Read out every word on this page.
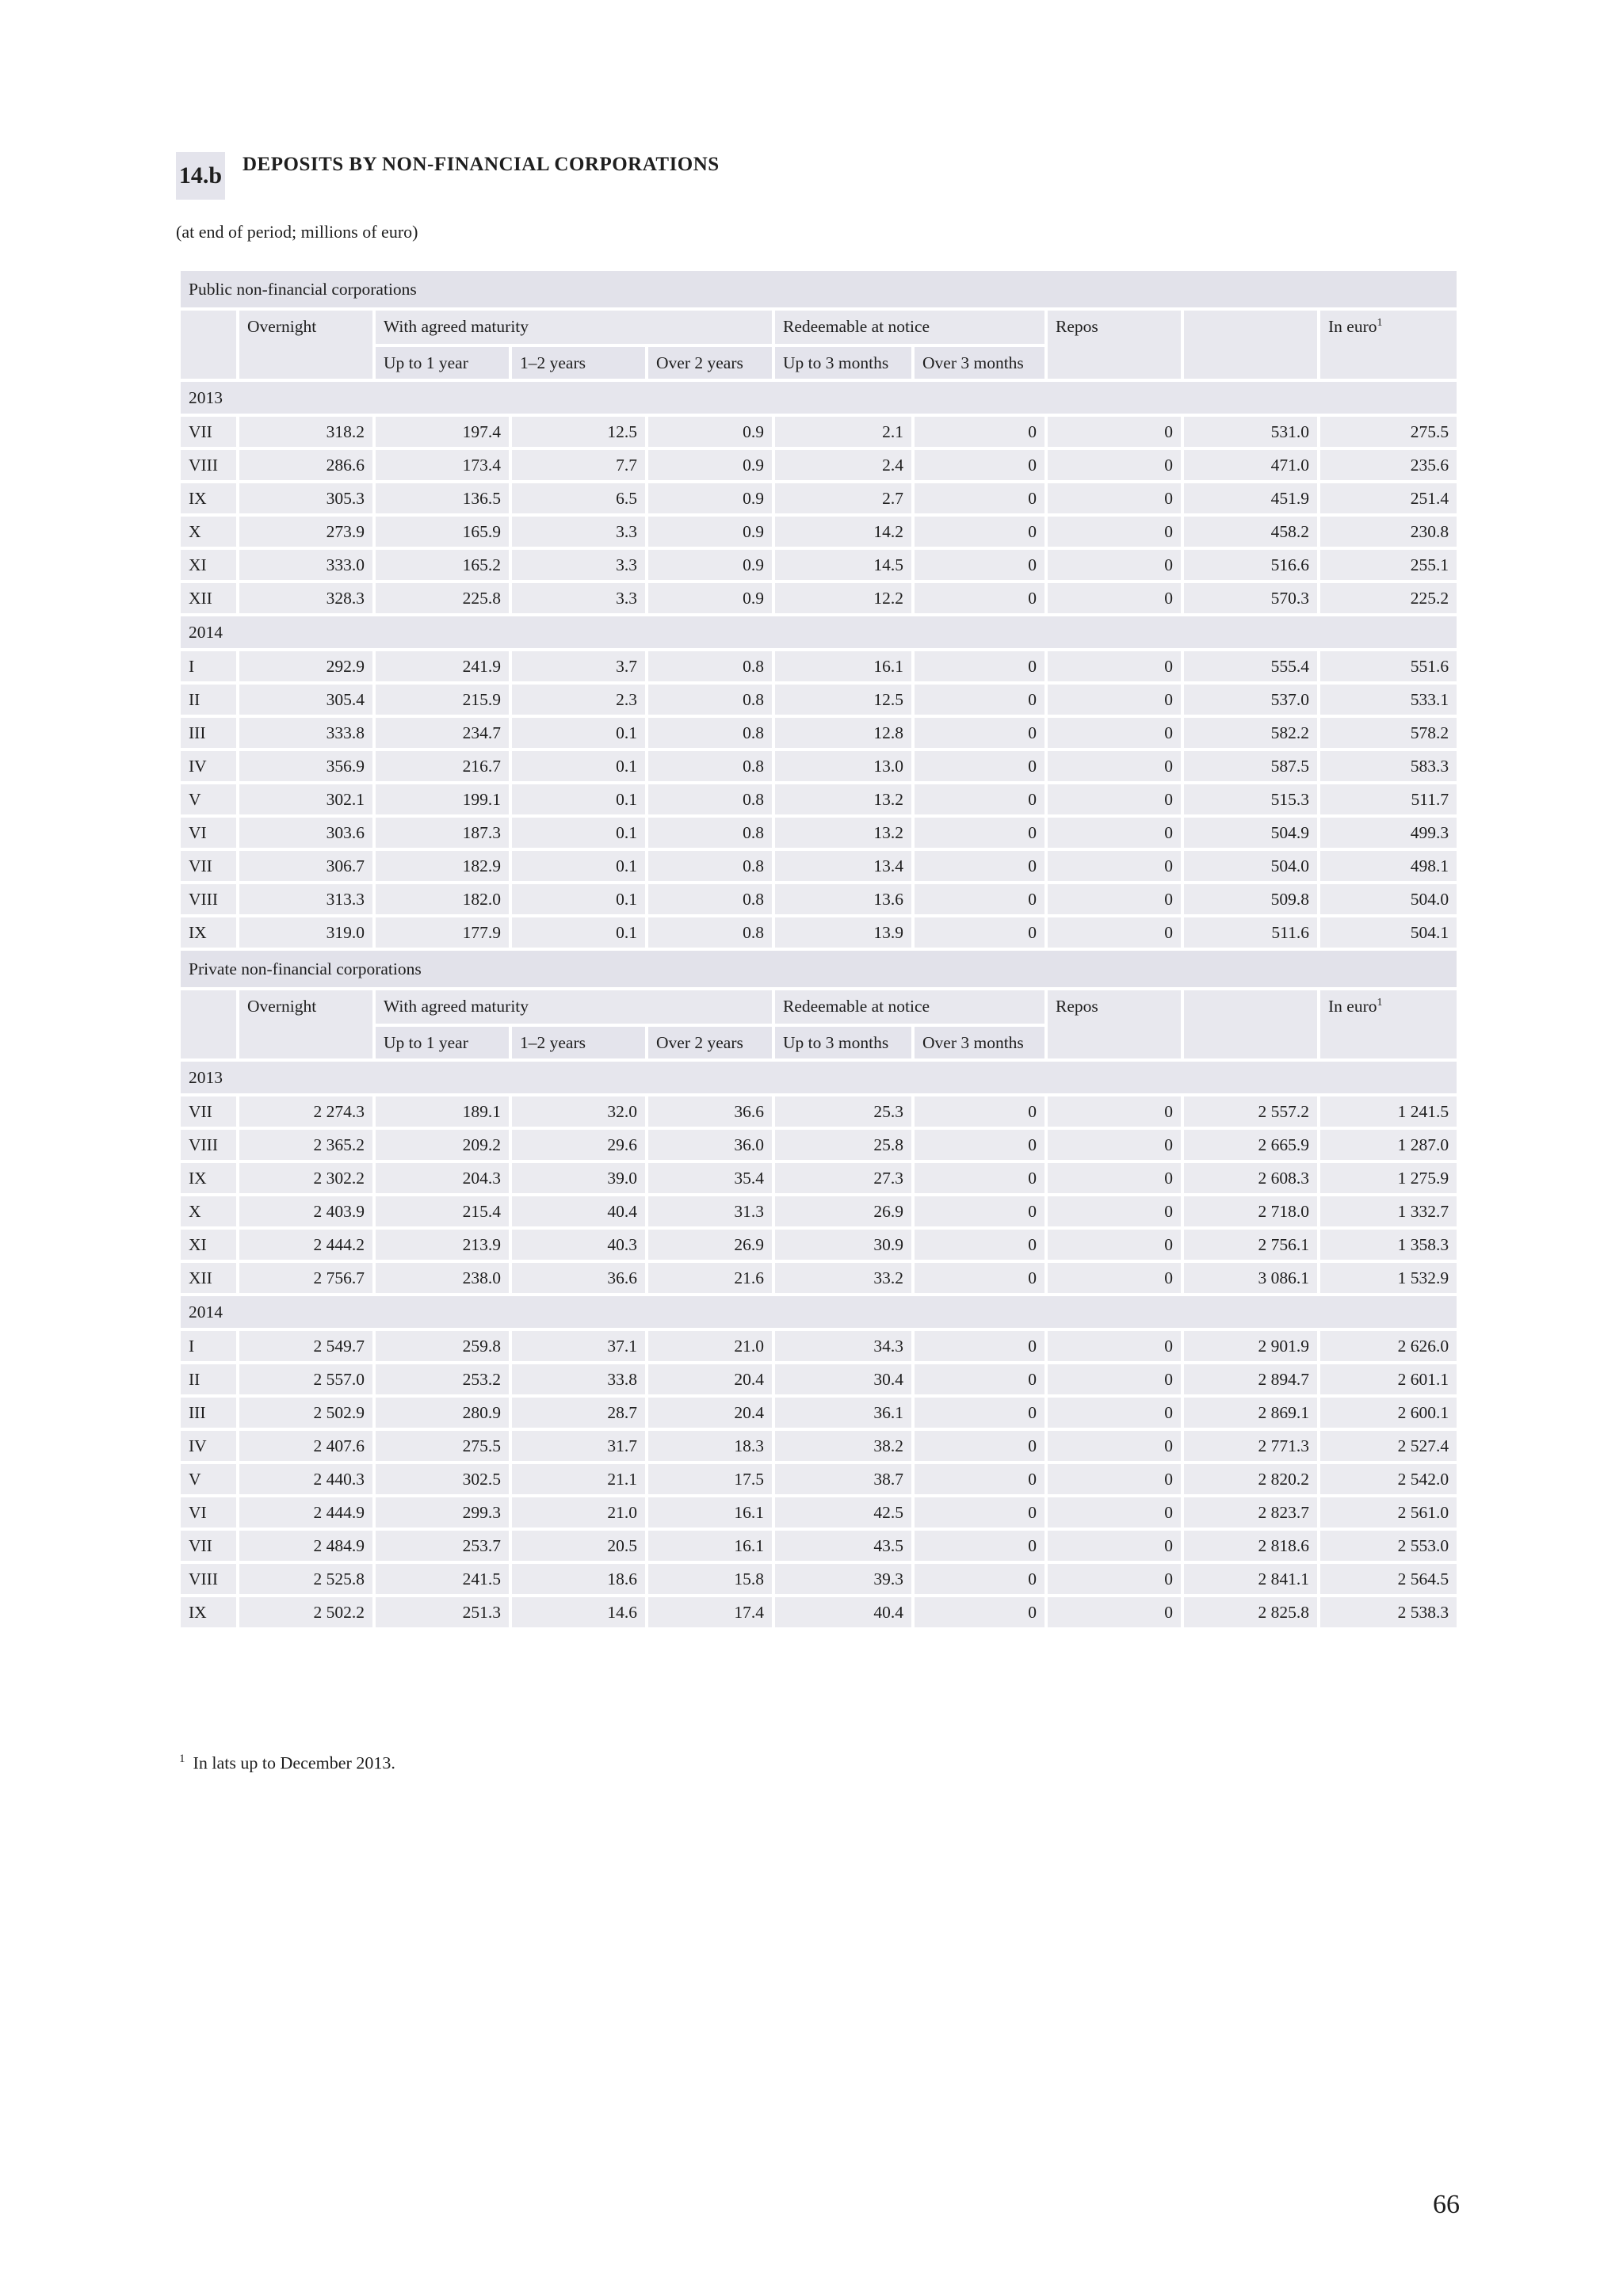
14.b DEPOSITS BY NON-FINANCIAL CORPORATIONS
(at end of period; millions of euro)
Public non-financial corporations									
	Overnight	With agreed maturity			Redeemable at notice		Repos		In euro$^1$
		Up to 1 year	1–2 years	Over 2 years	Up to 3 months	Over 3 months			
2013									
VII	318.2	197.4	12.5	0.9	2.1	0	0	531.0	275.5
VIII	286.6	173.4	7.7	0.9	2.4	0	0	471.0	235.6
IX	305.3	136.5	6.5	0.9	2.7	0	0	451.9	251.4
X	273.9	165.9	3.3	0.9	14.2	0	0	458.2	230.8
XI	333.0	165.2	3.3	0.9	14.5	0	0	516.6	255.1
XII	328.3	225.8	3.3	0.9	12.2	0	0	570.3	225.2
2014									
I	292.9	241.9	3.7	0.8	16.1	0	0	555.4	551.6
II	305.4	215.9	2.3	0.8	12.5	0	0	537.0	533.1
III	333.8	234.7	0.1	0.8	12.8	0	0	582.2	578.2
IV	356.9	216.7	0.1	0.8	13.0	0	0	587.5	583.3
V	302.1	199.1	0.1	0.8	13.2	0	0	515.3	511.7
VI	303.6	187.3	0.1	0.8	13.2	0	0	504.9	499.3
VII	306.7	182.9	0.1	0.8	13.4	0	0	504.0	498.1
VIII	313.3	182.0	0.1	0.8	13.6	0	0	509.8	504.0
IX	319.0	177.9	0.1	0.8	13.9	0	0	511.6	504.1
Private non-financial corporations									
	Overnight	With agreed maturity			Redeemable at notice		Repos		In euro$^1$
		Up to 1 year	1–2 years	Over 2 years	Up to 3 months	Over 3 months			
2013									
VII	2 274.3	189.1	32.0	36.6	25.3	0	0	2 557.2	1 241.5
VIII	2 365.2	209.2	29.6	36.0	25.8	0	0	2 665.9	1 287.0
IX	2 302.2	204.3	39.0	35.4	27.3	0	0	2 608.3	1 275.9
X	2 403.9	215.4	40.4	31.3	26.9	0	0	2 718.0	1 332.7
XI	2 444.2	213.9	40.3	26.9	30.9	0	0	2 756.1	1 358.3
XII	2 756.7	238.0	36.6	21.6	33.2	0	0	3 086.1	1 532.9
2014									
I	2 549.7	259.8	37.1	21.0	34.3	0	0	2 901.9	2 626.0
II	2 557.0	253.2	33.8	20.4	30.4	0	0	2 894.7	2 601.1
III	2 502.9	280.9	28.7	20.4	36.1	0	0	2 869.1	2 600.1
IV	2 407.6	275.5	31.7	18.3	38.2	0	0	2 771.3	2 527.4
V	2 440.3	302.5	21.1	17.5	38.7	0	0	2 820.2	2 542.0
VI	2 444.9	299.3	21.0	16.1	42.5	0	0	2 823.7	2 561.0
VII	2 484.9	253.7	20.5	16.1	43.5	0	0	2 818.6	2 553.0
VIII	2 525.8	241.5	18.6	15.8	39.3	0	0	2 841.1	2 564.5
IX	2 502.2	251.3	14.6	17.4	40.4	0	0	2 825.8	2 538.3
$^1$ In lats up to December 2013.
66
